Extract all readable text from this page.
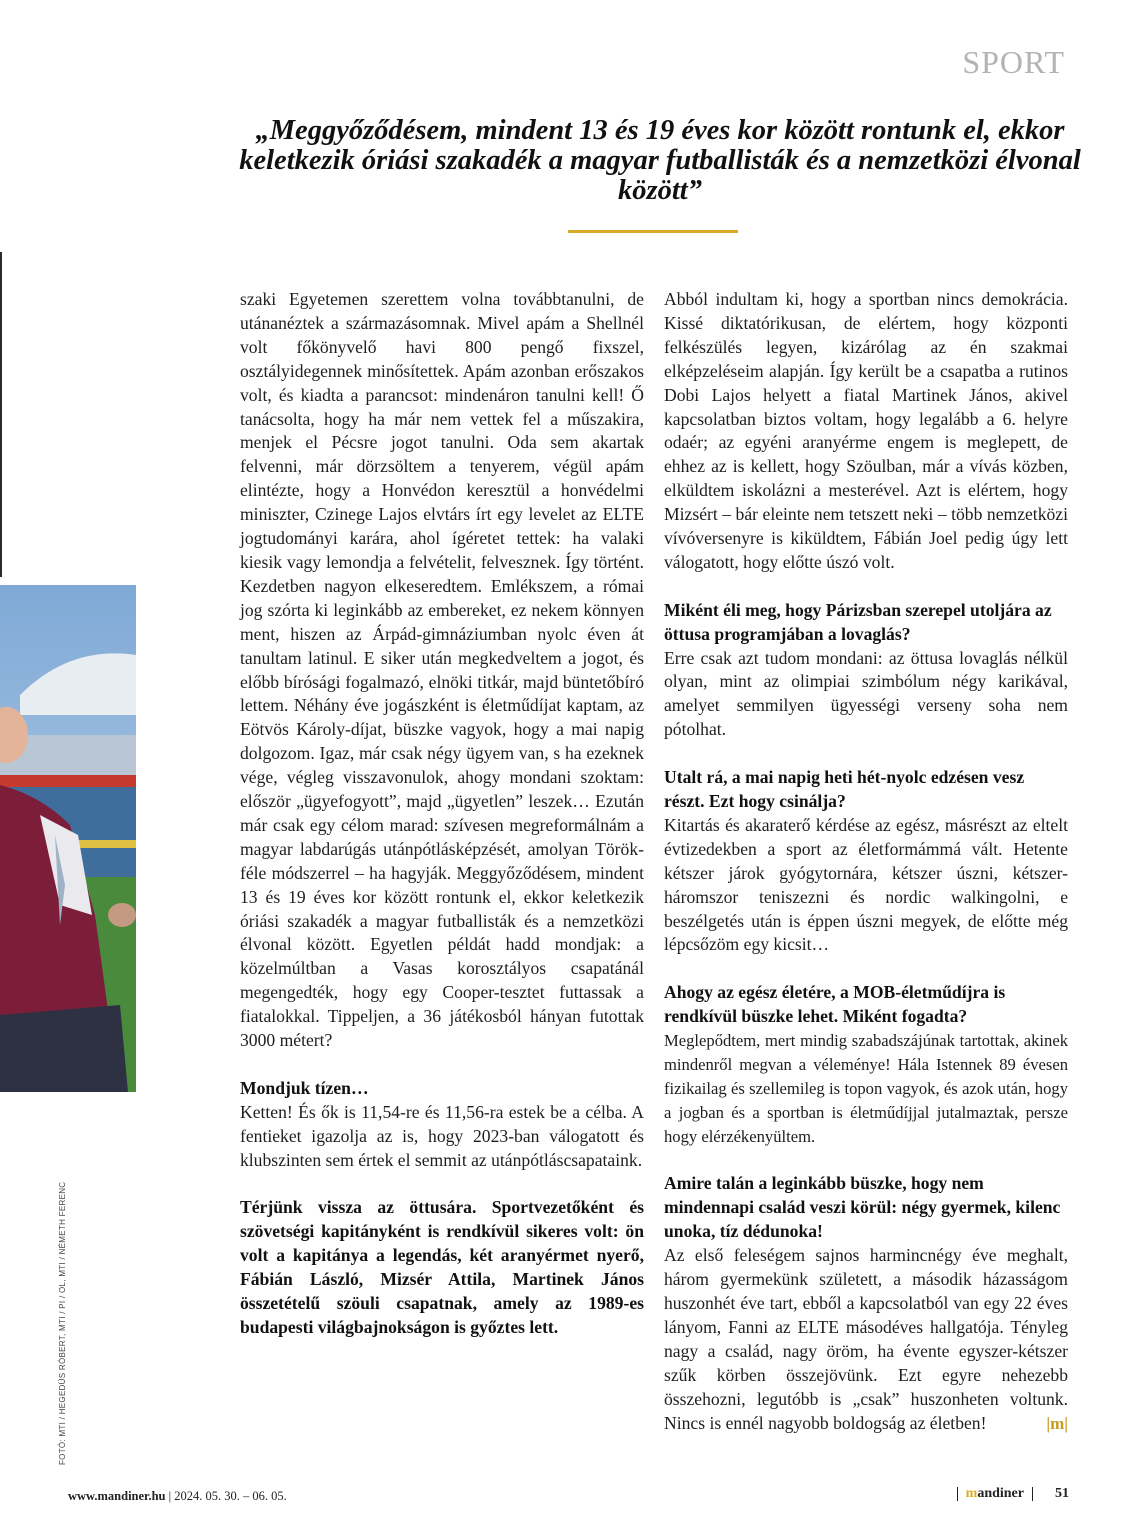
SPORT
„Meggyőződésem, mindent 13 és 19 éves kor között rontunk el, ekkor keletkezik óriási szakadék a magyar futballisták és a nemzetközi élvonal között”
FOTÓ: MTI / HEGEDÜS RÓBERT, MTI / PI / OL, MTI / NÉMETH FERENC

szaki Egyetemen szerettem volna továbbtanulni, de utánanéztek a származásomnak. Mivel apám a Shellnél volt főkönyvelő havi 800 pengő fixszel, osztályidegennek minősítettek. Apám azonban erőszakos volt, és kiadta a parancsot: mindenáron tanulni kell! Ő tanácsolta, hogy ha már nem vettek fel a műszakira, menjek el Pécsre jogot tanulni. Oda sem akartak felvenni, már dörzsöltem a tenyerem, végül apám elintézte, hogy a Honvédon keresztül a honvédelmi miniszter, Czinege Lajos elvtárs írt egy levelet az ELTE jogtudományi karára, ahol ígéretet tettek: ha valaki kiesik vagy lemondja a felvételit, felvesznek. Így történt. Kezdetben nagyon elkeseredtem. Emlékszem, a római jog szórta ki leginkább az embereket, ez nekem könnyen ment, hiszen az Árpád-gimnáziumban nyolc éven át tanultam latinul. E siker után megkedveltem a jogot, és előbb bírósági fogalmazó, elnöki titkár, majd büntetőbíró lettem. Néhány éve jogászként is életműdíjat kaptam, az Eötvös Károly-díjat, büszke vagyok, hogy a mai napig dolgozom. Igaz, már csak négy ügyem van, s ha ezeknek vége, végleg visszavonulok, ahogy mondani szoktam: először „ügyefogyott”, majd „ügyetlen” leszek… Ezután már csak egy célom marad: szívesen megreformálnám a magyar labdarúgás utánpótlásképzését, amolyan Török-féle módszerrel – ha hagyják. Meggyőződésem, mindent 13 és 19 éves kor között rontunk el, ekkor keletkezik óriási szakadék a magyar futballisták és a nemzetközi élvonal között. Egyetlen példát hadd mondjak: a közelmúltban a Vasas korosztályos csapatánál megengedték, hogy egy Cooper-tesztet futtassak a fiatalokkal. Tippeljen, a 36 játékosból hányan futottak 3000 métert?

Mondjuk tízen…

Ketten! És ők is 11,54-re és 11,56-ra estek be a célba. A fentieket igazolja az is, hogy 2023-ban válogatott és klubszinten sem értek el semmit az utánpótláscsapataink.

Térjünk vissza az öttusára. Sportvezetőként és szövetségi kapitányként is rendkívül sikeres volt: ön volt a kapitánya a legendás, két aranyérmet nyerő, Fábián László, Mizsér Attila, Martinek János összetételű szöuli csapatnak, amely az 1989-es budapesti világbajnokságon is győztes lett.

Abból indultam ki, hogy a sportban nincs demokrácia. Kissé diktatórikusan, de elértem, hogy központi felkészülés legyen, kizárólag az én szakmai elképzeléseim alapján. Így került be a csapatba a rutinos Dobi Lajos helyett a fiatal Martinek János, akivel kapcsolatban biztos voltam, hogy legalább a 6. helyre odaér; az egyéni aranyérme engem is meglepett, de ehhez az is kellett, hogy Szöulban, már a vívás közben, elküldtem iskolázni a mesterével. Azt is elértem, hogy Mizsért – bár eleinte nem tetszett neki – több nemzetközi vívóversenyre is kiküldtem, Fábián Joel pedig úgy lett válogatott, hogy előtte úszó volt.

Miként éli meg, hogy Párizsban szerepel utoljára az öttusa programjában a lovaglás?

Erre csak azt tudom mondani: az öttusa lovaglás nélkül olyan, mint az olimpiai szimbólum négy karikával, amelyet semmilyen ügyességi verseny soha nem pótolhat.

Utalt rá, a mai napig heti hét-nyolc edzésen vesz részt. Ezt hogy csinálja?

Kitartás és akaraterő kérdése az egész, másrészt az eltelt évtizedekben a sport az életformámmá vált. Hetente kétszer járok gyógytornára, kétszer úszni, kétszer-háromszor teniszezni és nordic walkingolni, e beszélgetés után is éppen úszni megyek, de előtte még lépcsőzöm egy kicsit…

Ahogy az egész életére, a MOB-életműdíjra is rendkívül büszke lehet. Miként fogadta?

Meglepődtem, mert mindig szabadszájúnak tartottak, akinek mindenről megvan a véleménye! Hála Istennek 89 évesen fizikailag és szellemileg is topon vagyok, és azok után, hogy a jogban és a sportban is életműdíjjal jutalmaztak, persze hogy elérzékenyültem.

Amire talán a leginkább büszke, hogy nem mindennapi család veszi körül: négy gyermek, kilenc unoka, tíz dédunoka!

Az első feleségem sajnos harmincnégy éve meghalt, három gyermekünk született, a második házasságom huszonhét éve tart, ebből a kapcsolatból van egy 22 éves lányom, Fanni az ELTE másodéves hallgatója. Tényleg nagy a család, nagy öröm, ha évente egyszer-kétszer szűk körben összejövünk. Ezt egyre nehezebb összehozni, legutóbb is „csak” huszonheten voltunk. Nincs is ennél nagyobb boldogság az életben!	|m|

www.mandiner.hu | 2024. 05. 30. – 06. 05.	mandiner 51
